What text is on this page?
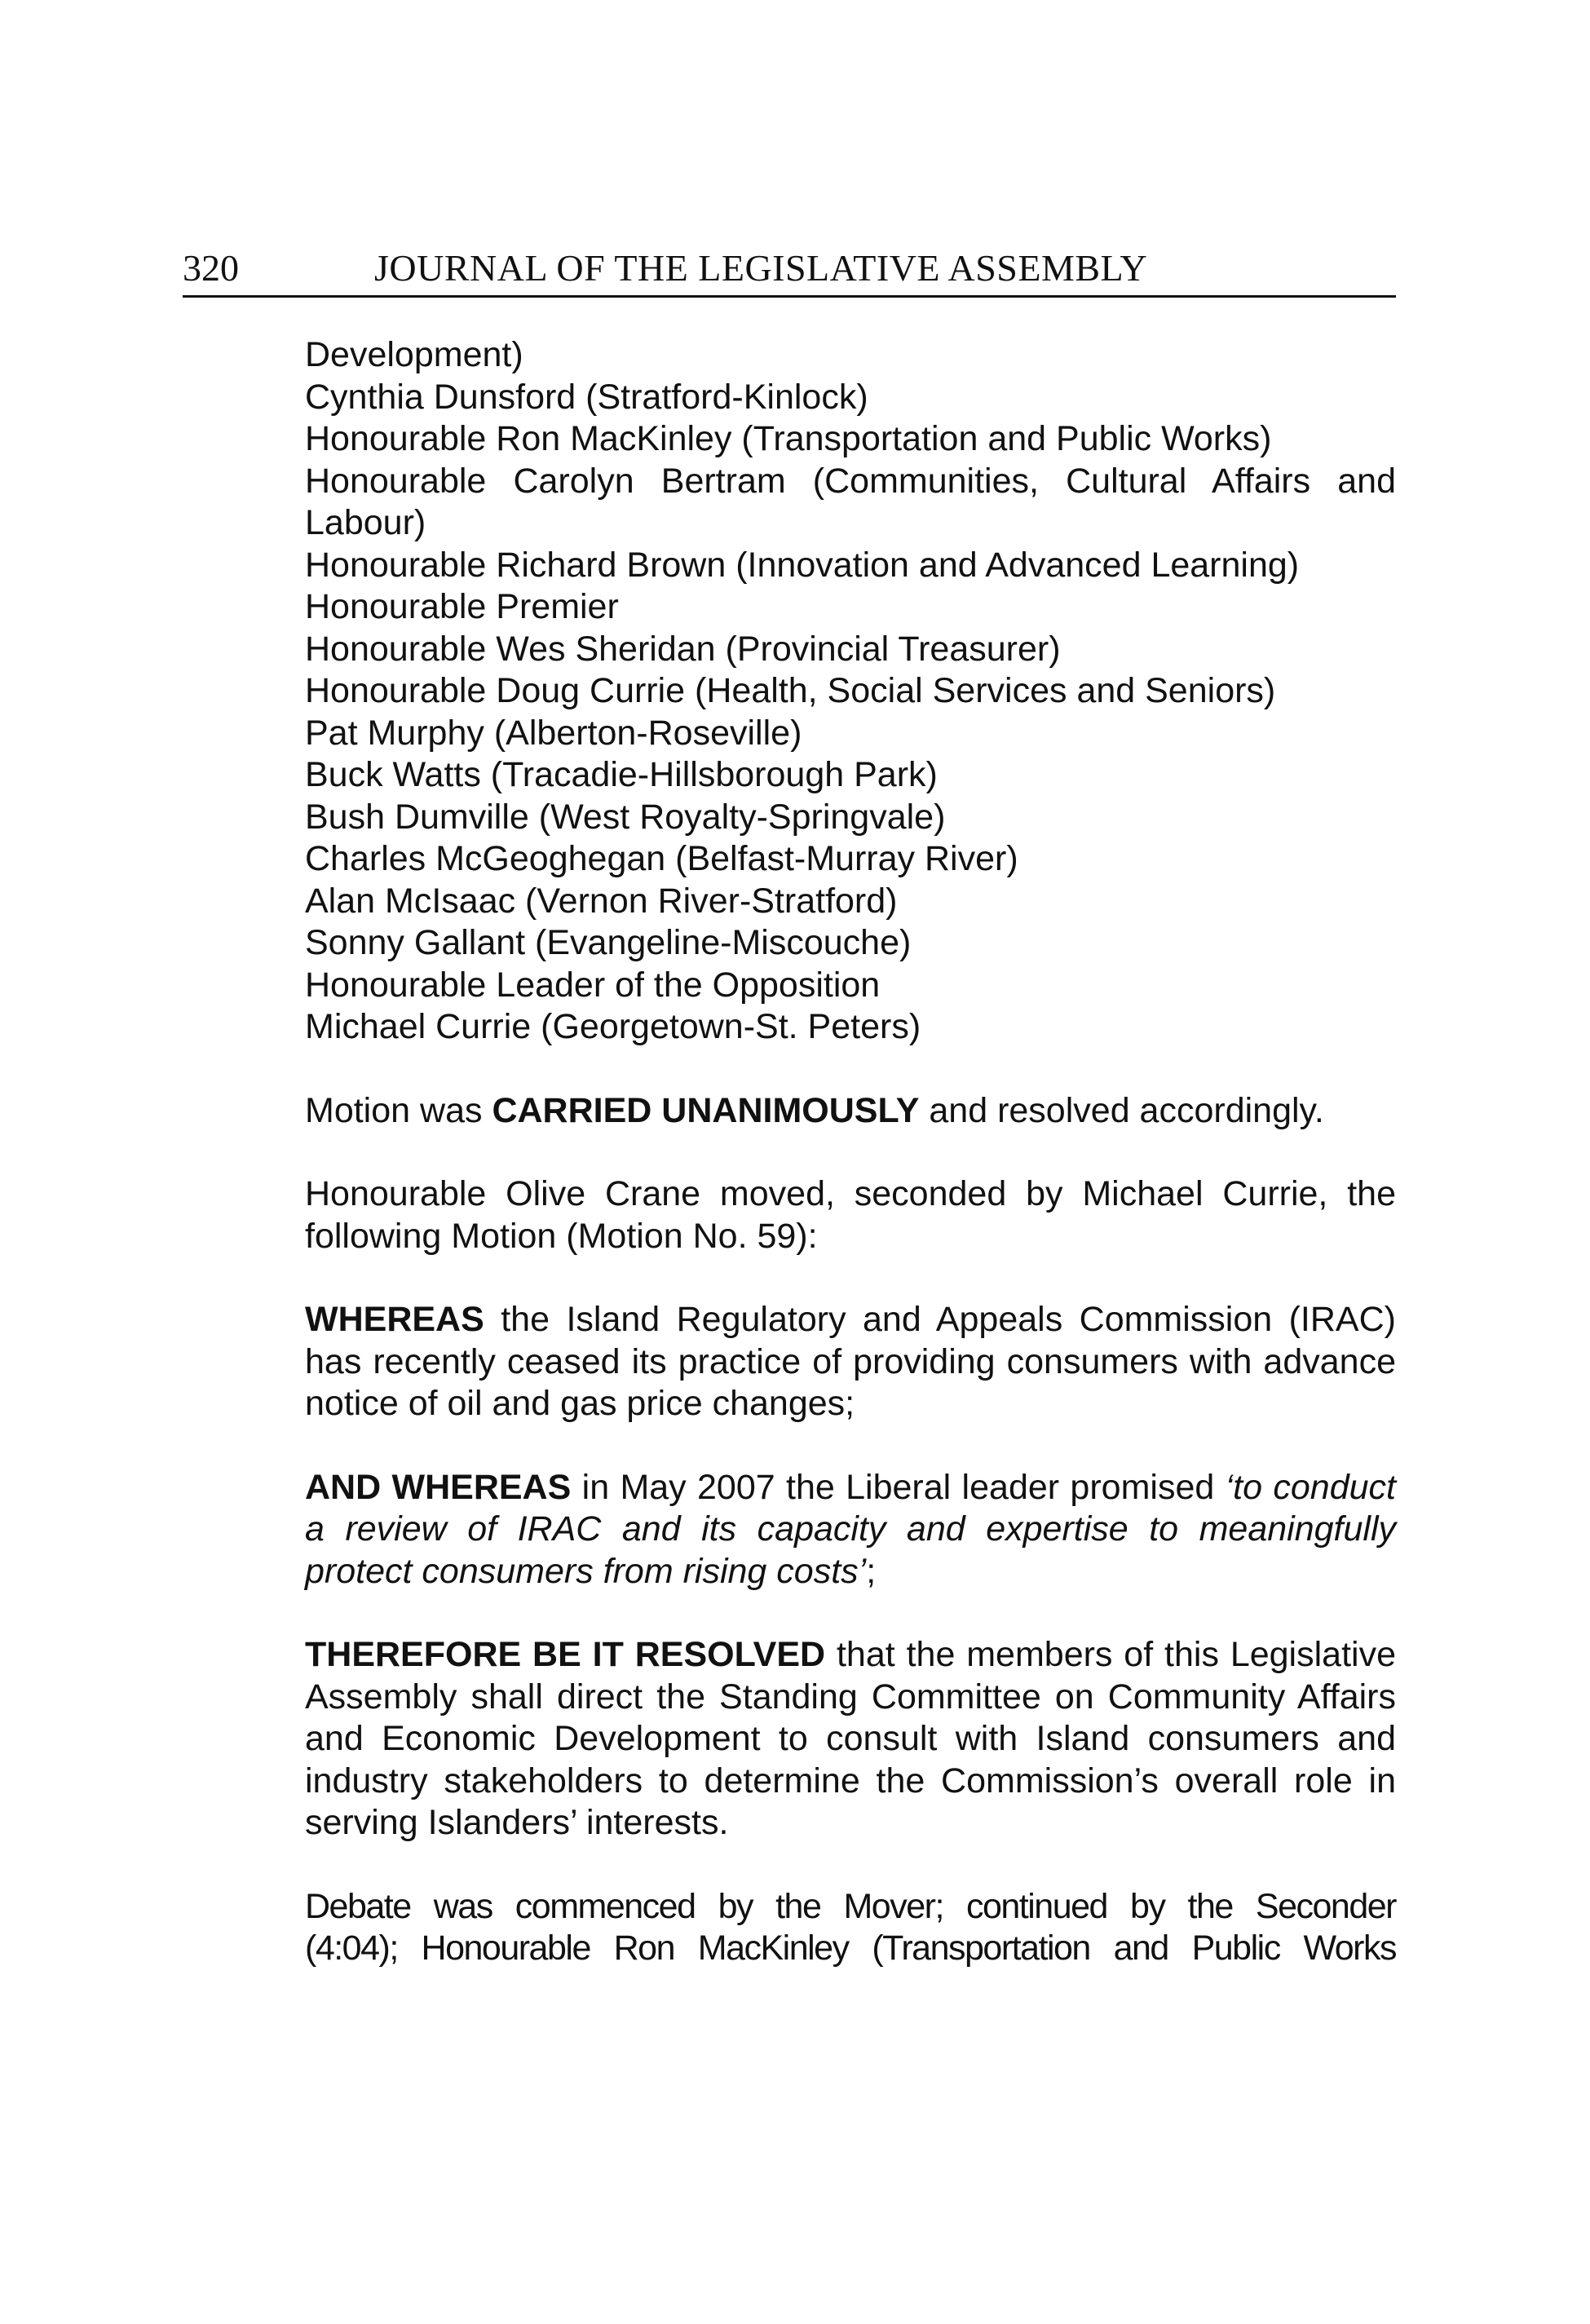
320	JOURNAL OF THE LEGISLATIVE ASSEMBLY
Development)
Cynthia Dunsford (Stratford-Kinlock)
Honourable Ron MacKinley (Transportation and Public Works)
Honourable Carolyn Bertram (Communities, Cultural Affairs and Labour)
Honourable Richard Brown (Innovation and Advanced Learning)
Honourable Premier
Honourable Wes Sheridan (Provincial Treasurer)
Honourable Doug Currie (Health, Social Services and Seniors)
Pat Murphy (Alberton-Roseville)
Buck Watts (Tracadie-Hillsborough Park)
Bush Dumville (West Royalty-Springvale)
Charles McGeoghegan (Belfast-Murray River)
Alan McIsaac (Vernon River-Stratford)
Sonny Gallant (Evangeline-Miscouche)
Honourable Leader of the Opposition
Michael Currie (Georgetown-St. Peters)

Motion was CARRIED UNANIMOUSLY and resolved accordingly.

Honourable Olive Crane moved, seconded by Michael Currie, the following Motion (Motion No. 59):

WHEREAS the Island Regulatory and Appeals Commission (IRAC) has recently ceased its practice of providing consumers with advance notice of oil and gas price changes;

AND WHEREAS in May 2007 the Liberal leader promised ‘to conduct a review of IRAC and its capacity and expertise to meaningfully protect consumers from rising costs’;

THEREFORE BE IT RESOLVED that the members of this Legislative Assembly shall direct the Standing Committee on Community Affairs and Economic Development to consult with Island consumers and industry stakeholders to determine the Commission’s overall role in serving Islanders’ interests.

Debate was commenced by the Mover; continued by the Seconder

(4:04); Honourable Ron MacKinley (Transportation and Public Works
